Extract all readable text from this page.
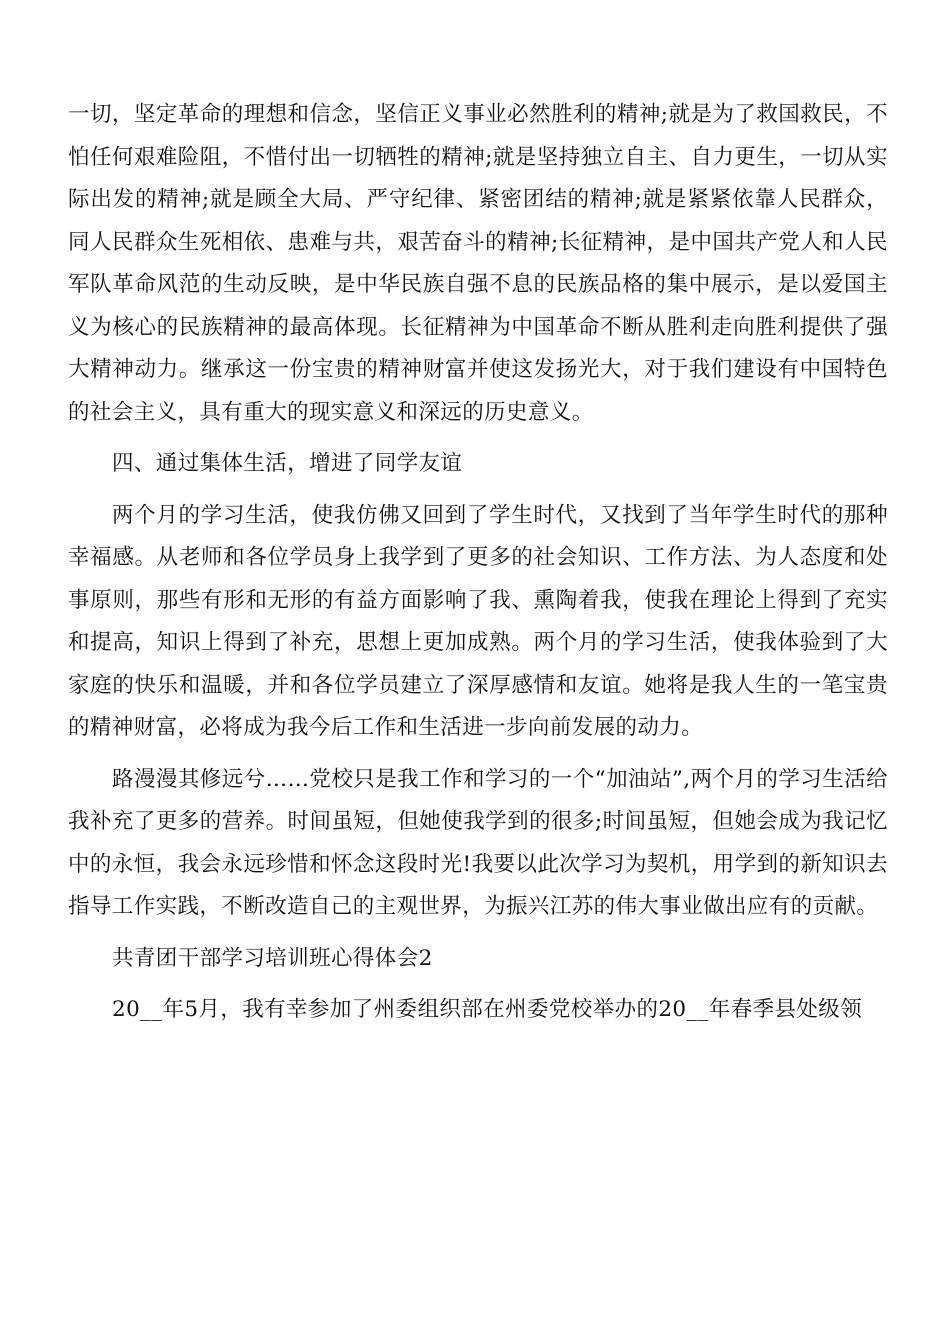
一切，坚定革命的理想和信念，坚信正义事业必然胜利的精神;就是为了救国救民，不怕任何艰难险阻，不惜付出一切牺牲的精神;就是坚持独立自主、自力更生，一切从实际出发的精神;就是顾全大局、严守纪律、紧密团结的精神;就是紧紧依靠人民群众，同人民群众生死相依、患难与共，艰苦奋斗的精神;长征精神，是中国共产党人和人民军队革命风范的生动反映，是中华民族自强不息的民族品格的集中展示，是以爱国主义为核心的民族精神的最高体现。长征精神为中国革命不断从胜利走向胜利提供了强大精神动力。继承这一份宝贵的精神财富并使这发扬光大，对于我们建设有中国特色的社会主义，具有重大的现实意义和深远的历史意义。

四、通过集体生活，增进了同学友谊

两个月的学习生活，使我仿佛又回到了学生时代，又找到了当年学生时代的那种幸福感。从老师和各位学员身上我学到了更多的社会知识、工作方法、为人态度和处事原则，那些有形和无形的有益方面影响了我、熏陶着我，使我在理论上得到了充实和提高，知识上得到了补充，思想上更加成熟。两个月的学习生活，使我体验到了大家庭的快乐和温暖，并和各位学员建立了深厚感情和友谊。她将是我人生的一笔宝贵的精神财富，必将成为我今后工作和生活进一步向前发展的动力。

路漫漫其修远兮……党校只是我工作和学习的一个“加油站”,两个月的学习生活给我补充了更多的营养。时间虽短，但她使我学到的很多;时间虽短，但她会成为我记忆中的永恒，我会永远珍惜和怀念这段时光!我要以此次学习为契机，用学到的新知识去指导工作实践，不断改造自己的主观世界，为振兴江苏的伟大事业做出应有的贡献。

共青团干部学习培训班心得体会2

20__年5月，我有幸参加了州委组织部在州委党校举办的20__年春季县处级领
